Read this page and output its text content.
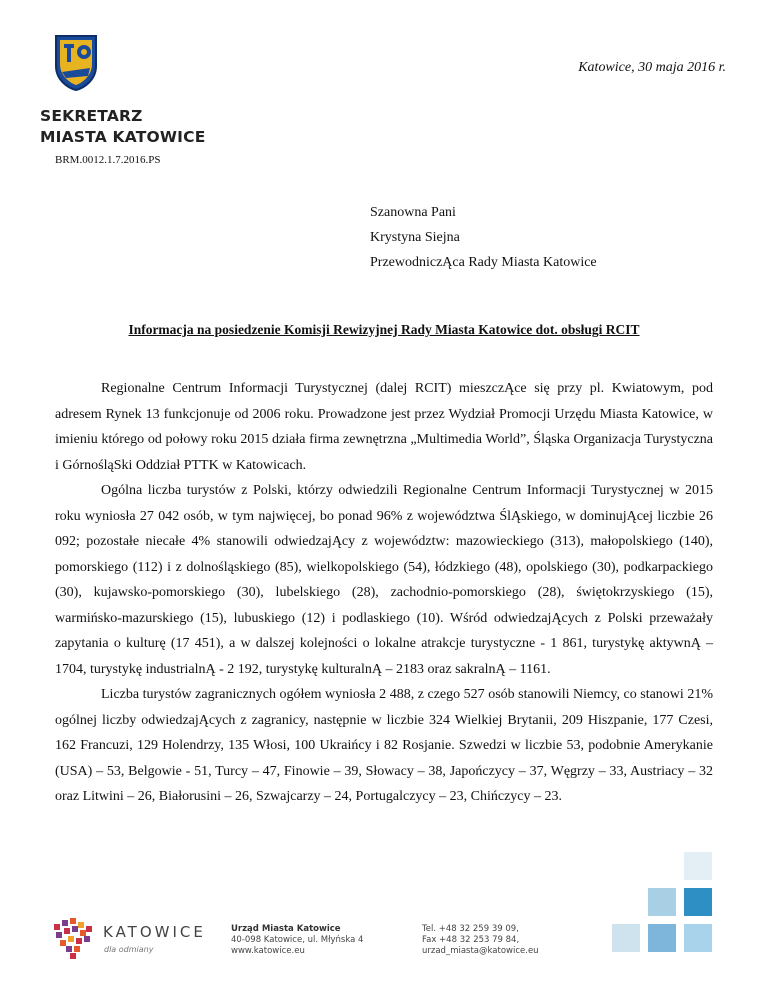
Katowice, 30 maja 2016 r.
SEKRETARZ
MIASTA KATOWICE
BRM.0012.1.7.2016.PS
Szanowna Pani
Krystyna Siejna
PrzewodniczĄca Rady Miasta Katowice
Informacja na posiedzenie Komisji Rewizyjnej Rady Miasta Katowice dot. obsługi RCIT

Regionalne Centrum Informacji Turystycznej (dalej RCIT) mieszczĄce się przy pl. Kwiatowym, pod adresem Rynek 13 funkcjonuje od 2006 roku. Prowadzone jest przez Wydział Promocji Urzędu Miasta Katowice, w imieniu którego od połowy roku 2015 działa firma zewnętrzna „Multimedia World”, Śląska Organizacja Turystyczna i GórnośląSki Oddział PTTK w Katowicach.

Ogólna liczba turystów z Polski, którzy odwiedzili Regionalne Centrum Informacji Turystycznej w 2015 roku wyniosła 27 042 osób, w tym najwięcej, bo ponad 96% z województwa ŚlĄskiego, w dominujĄcej liczbie 26 092; pozostałe niecałe 4% stanowili odwiedzajĄcy z województw: mazowieckiego (313), małopolskiego (140), pomorskiego (112) i z dolnośląskiego (85), wielkopolskiego (54), łódzkiego (48), opolskiego (30), podkarpackiego (30), kujawsko-pomorskiego (30), lubelskiego (28), zachodnio-pomorskiego (28), świętokrzyskiego (15), warmińsko-mazurskiego (15), lubuskiego (12) i podlaskiego (10). Wśród odwiedzajĄcych z Polski przeważały zapytania o kulturę (17 451), a w dalszej kolejności o lokalne atrakcje turystyczne - 1 861, turystykę aktywnĄ – 1704, turystykę industrialnĄ - 2 192, turystykę kulturalnĄ – 2183 oraz sakralnĄ – 1161.

Liczba turystów zagranicznych ogółem wyniosła 2 488, z czego 527 osób stanowili Niemcy, co stanowi 21% ogólnej liczby odwiedzajĄcych z zagranicy, następnie w liczbie 324 Wielkiej Brytanii, 209 Hiszpanie, 177 Czesi, 162 Francuzi, 129 Holendrzy, 135 Włosi, 100 Ukraińcy i 82 Rosjanie. Szwedzi w liczbie 53, podobnie Amerykanie (USA) – 53, Belgowie - 51, Turcy – 47, Finowie – 39, Słowacy – 38, Japończycy – 37, Węgrzy – 33, Austriacy – 32 oraz Litwini – 26, Białorusini – 26, Szwajcarzy – 24, Portugalczycy – 23, Chińczycy – 23.

KATOWICE
dla odmiany
Urząd Miasta Katowice
40-098 Katowice, ul. Młyńska 4
www.katowice.eu
Tel. +48 32 259 39 09,
Fax +48 32 253 79 84,
urzad_miasta@katowice.eu
